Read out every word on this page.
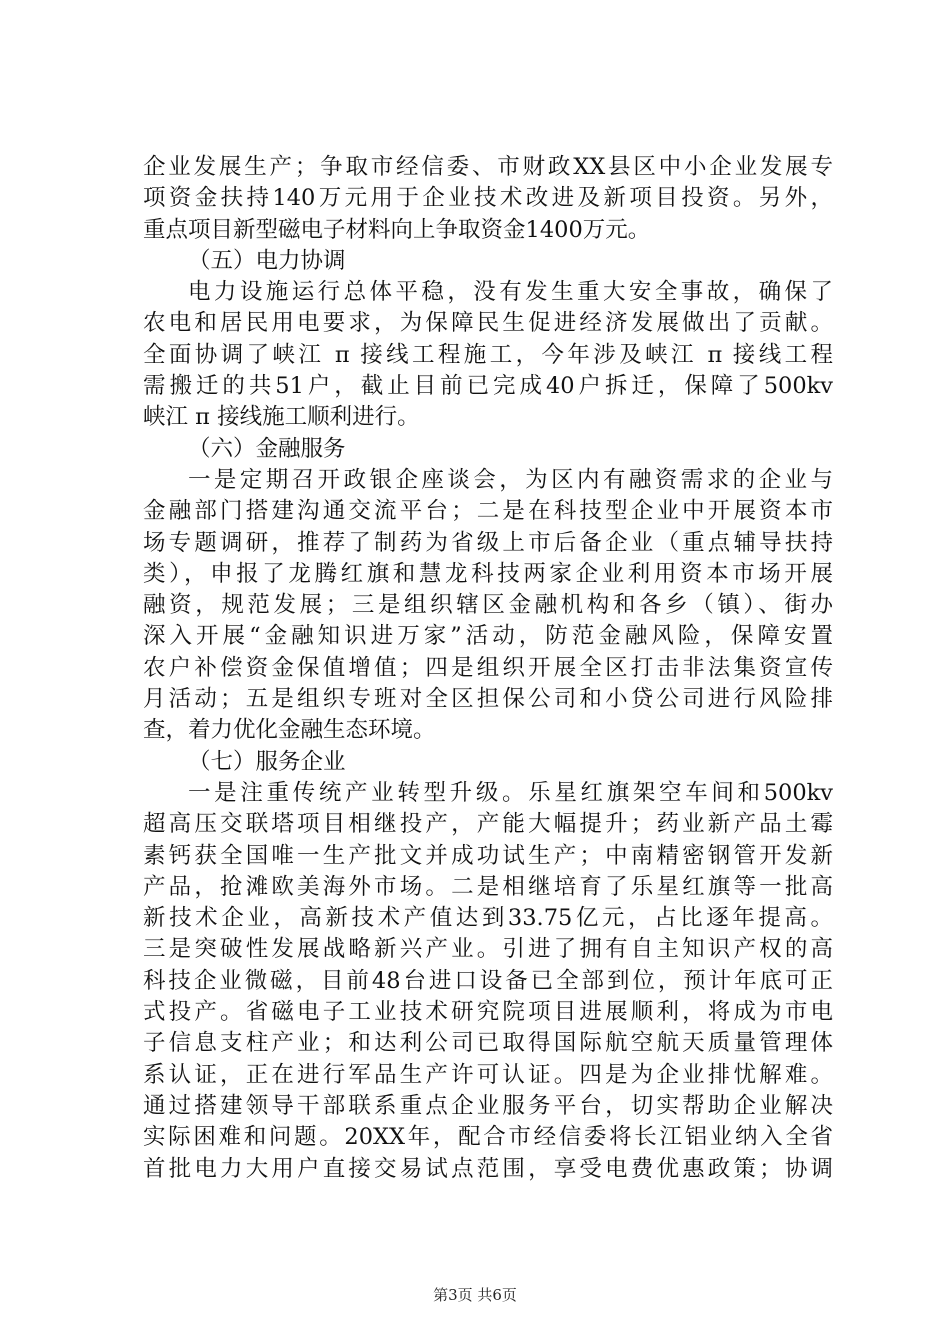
企业发展生产；争取市经信委、市财政XX县区中小企业发展专
项资金扶持140万元用于企业技术改进及新项目投资。另外，
重点项目新型磁电子材料向上争取资金1400万元。
（五）电力协调
电力设施运行总体平稳，没有发生重大安全事故，确保了
农电和居民用电要求，为保障民生促进经济发展做出了贡献。
全面协调了峡江 π 接线工程施工，今年涉及峡江 π 接线工程
需搬迁的共51户，截止目前已完成40户拆迁，保障了500kv
峡江 π 接线施工顺利进行。
（六）金融服务
一是定期召开政银企座谈会，为区内有融资需求的企业与
金融部门搭建沟通交流平台；二是在科技型企业中开展资本市
场专题调研，推荐了制药为省级上市后备企业（重点辅导扶持
类），申报了龙腾红旗和慧龙科技两家企业利用资本市场开展
融资，规范发展；三是组织辖区金融机构和各乡（镇）、街办
深入开展“金融知识进万家”活动，防范金融风险，保障安置
农户补偿资金保值增值；四是组织开展全区打击非法集资宣传
月活动；五是组织专班对全区担保公司和小贷公司进行风险排
查，着力优化金融生态环境。
（七）服务企业
一是注重传统产业转型升级。乐星红旗架空车间和500kv
超高压交联塔项目相继投产，产能大幅提升；药业新产品土霉
素钙获全国唯一生产批文并成功试生产；中南精密钢管开发新
产品，抢滩欧美海外市场。二是相继培育了乐星红旗等一批高
新技术企业，高新技术产值达到33.75亿元，占比逐年提高。
三是突破性发展战略新兴产业。引进了拥有自主知识产权的高
科技企业微磁，目前48台进口设备已全部到位，预计年底可正
式投产。省磁电子工业技术研究院项目进展顺利，将成为市电
子信息支柱产业；和达利公司已取得国际航空航天质量管理体
系认证，正在进行军品生产许可认证。四是为企业排忧解难。
通过搭建领导干部联系重点企业服务平台，切实帮助企业解决
实际困难和问题。20XX年，配合市经信委将长江铝业纳入全省
首批电力大用户直接交易试点范围，享受电费优惠政策；协调
第3页 共6页
